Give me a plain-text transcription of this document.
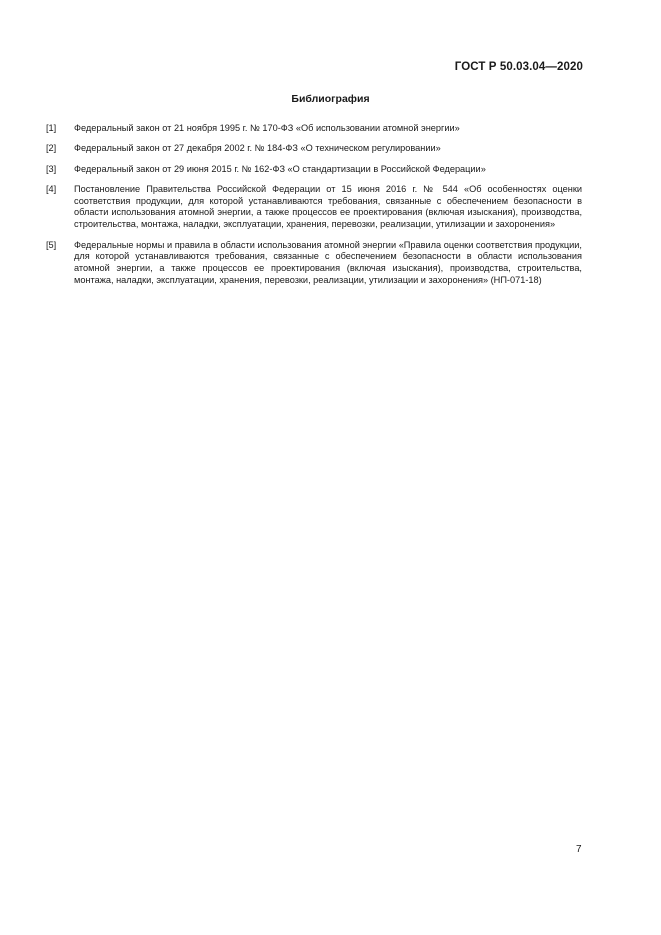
ГОСТ Р 50.03.04—2020
Библиография
[1]	Федеральный закон от 21 ноября 1995 г. № 170-ФЗ «Об использовании атомной энергии»
[2]	Федеральный закон от 27 декабря 2002 г. № 184-ФЗ «О техническом регулировании»
[3]	Федеральный закон от 29 июня 2015 г. № 162-ФЗ «О стандартизации в Российской Федерации»
[4]	Постановление Правительства Российской Федерации от 15 июня 2016 г. № 544 «Об особенностях оценки соответствия продукции, для которой устанавливаются требования, связанные с обеспечением безопасности в области использования атомной энергии, а также процессов ее проектирования (включая изыскания), производства, строительства, монтажа, наладки, эксплуатации, хранения, перевозки, реализации, утилизации и захоронения»
[5]	Федеральные нормы и правила в области использования атомной энергии «Правила оценки соответствия продукции, для которой устанавливаются требования, связанные с обеспечением безопасности в области использования атомной энергии, а также процессов ее проектирования (включая изыскания), производства, строительства, монтажа, наладки, эксплуатации, хранения, перевозки, реализации, утилизации и захоронения» (НП-071-18)
7
